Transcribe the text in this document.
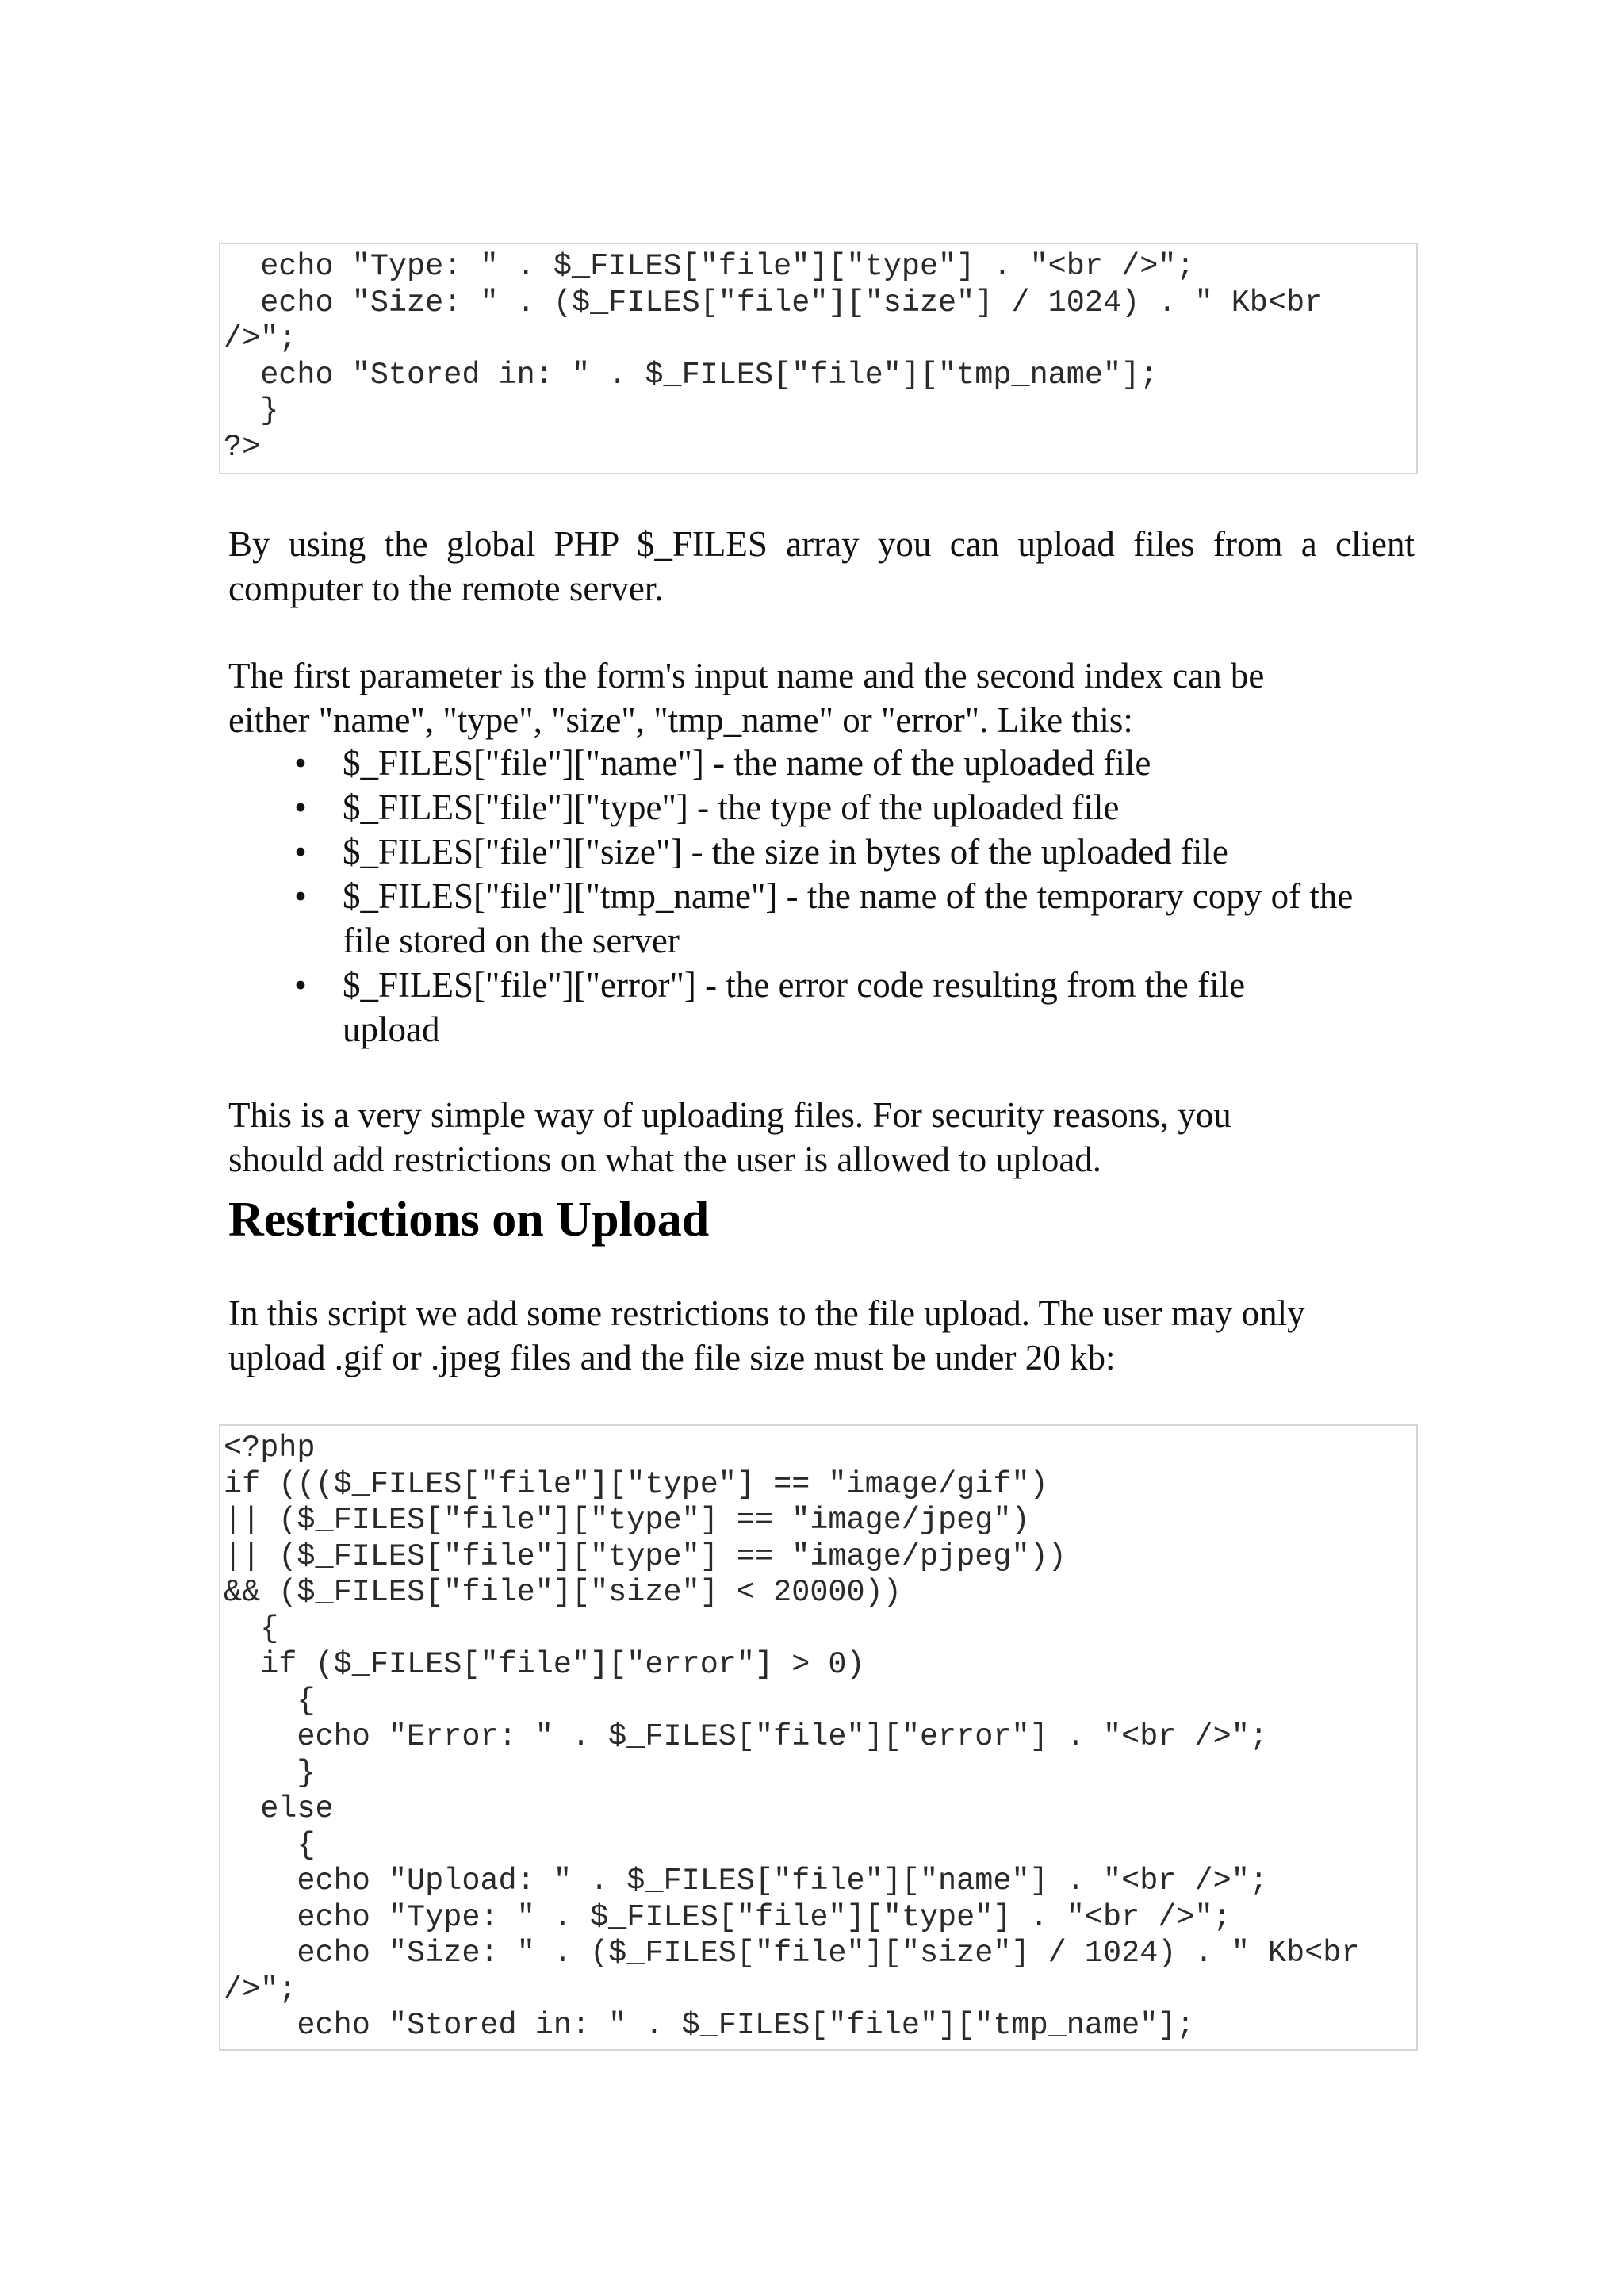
echo "Type: " . $_FILES["file"]["type"] . "<br />";
echo "Size: " . ($_FILES["file"]["size"] / 1024) . " Kb<br
/>";
echo "Stored in: " . $_FILES["file"]["tmp_name"];
}
?>

By using the global PHP $_FILES array you can upload files from a client computer to the remote server.

The first parameter is the form's input name and the second index can be

either "name", "type", "size", "tmp_name" or "error". Like this:

• $_FILES["file"]["name"] - the name of the uploaded file
• $_FILES["file"]["type"] - the type of the uploaded file
• $_FILES["file"]["size"] - the size in bytes of the uploaded file
• $_FILES["file"]["tmp_name"] - the name of the temporary copy of the file stored on the server
• $_FILES["file"]["error"] - the error code resulting from the file upload

This is a very simple way of uploading files. For security reasons, you

should add restrictions on what the user is allowed to upload.

Restrictions on Upload

In this script we add some restrictions to the file upload. The user may only

upload .gif or .jpeg files and the file size must be under 20 kb:

<?php
if ((($_FILES["file"]["type"] == "image/gif")
|| ($_FILES["file"]["type"] == "image/jpeg")
|| ($_FILES["file"]["type"] == "image/pjpeg"))
&& ($_FILES["file"]["size"] < 20000))
{
if ($_FILES["file"]["error"] > 0)
{
echo "Error: " . $_FILES["file"]["error"] . "<br />";
}
else
{
echo "Upload: " . $_FILES["file"]["name"] . "<br />";
echo "Type: " . $_FILES["file"]["type"] . "<br />";
echo "Size: " . ($_FILES["file"]["size"] / 1024) . " Kb<br
/>";
echo "Stored in: " . $_FILES["file"]["tmp_name"];
